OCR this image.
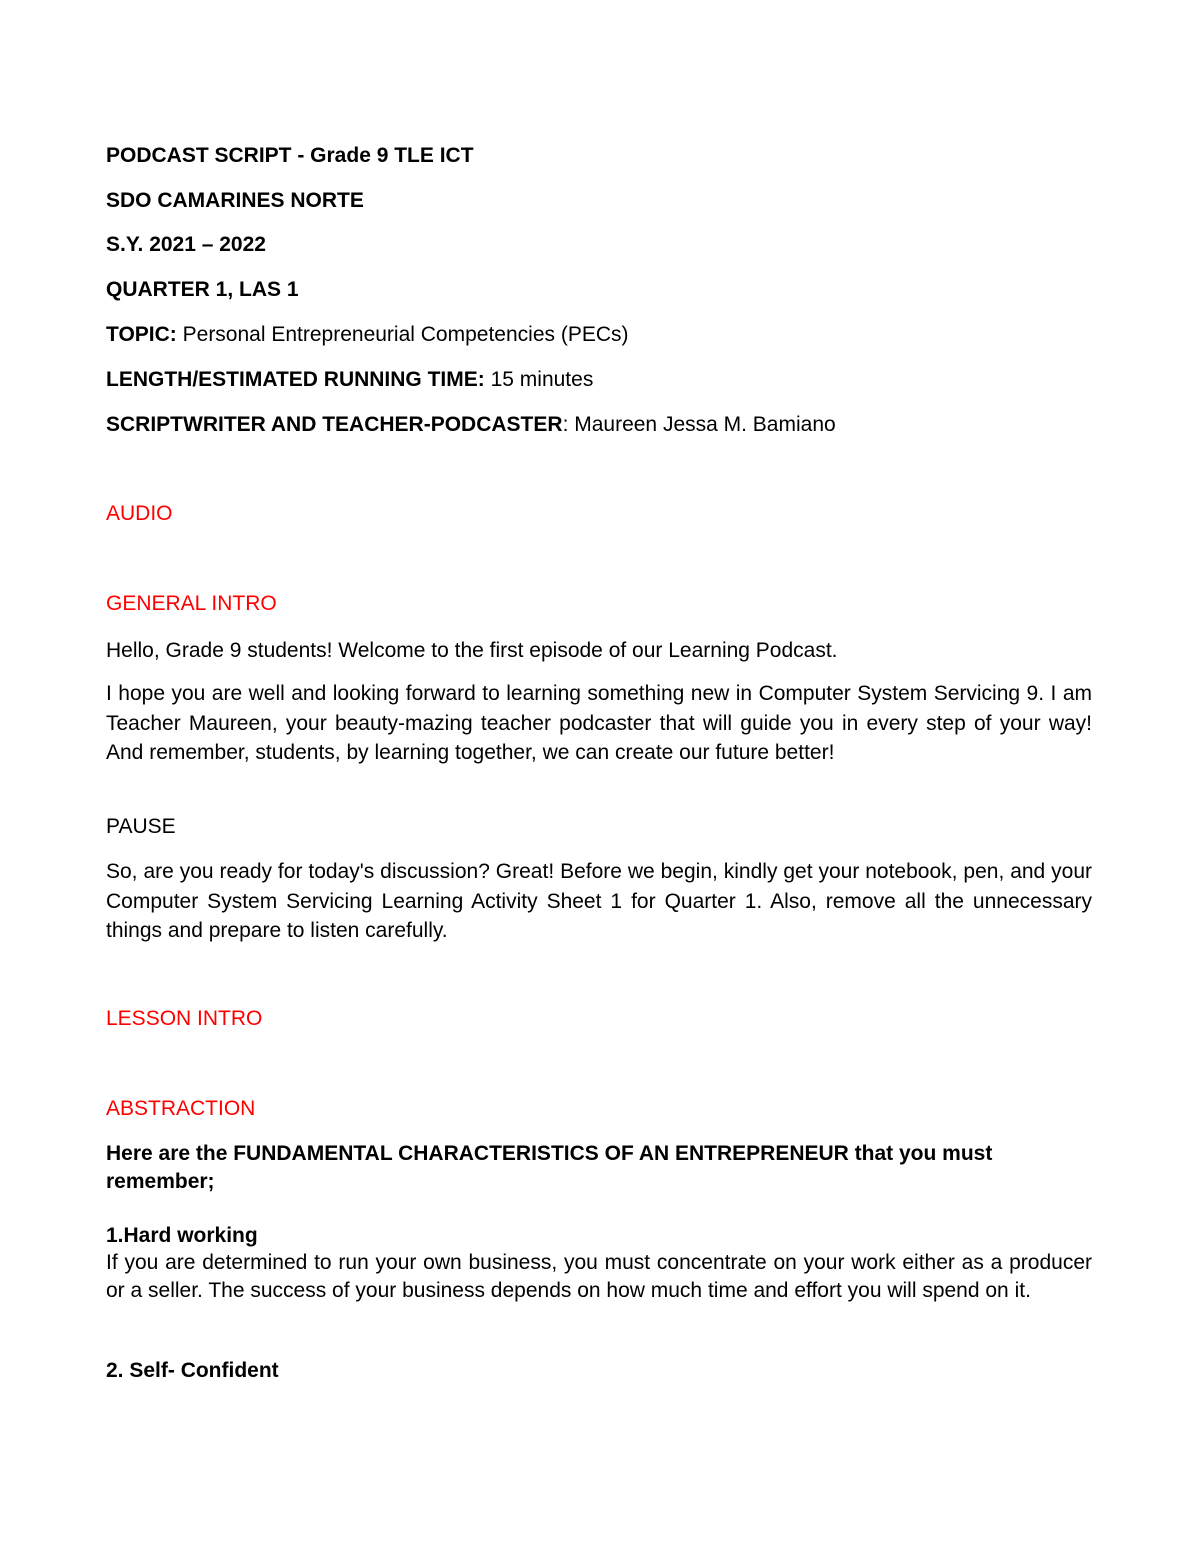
PODCAST SCRIPT - Grade 9 TLE ICT
SDO CAMARINES NORTE
S.Y. 2021 – 2022
QUARTER 1, LAS 1
TOPIC: Personal Entrepreneurial Competencies (PECs)
LENGTH/ESTIMATED RUNNING TIME: 15 minutes
SCRIPTWRITER AND TEACHER-PODCASTER: Maureen Jessa M. Bamiano
AUDIO
GENERAL INTRO
Hello, Grade 9 students! Welcome to the first episode of our Learning Podcast.
I hope you are well and looking forward to learning something new in Computer System Servicing 9. I am Teacher Maureen, your beauty-mazing teacher podcaster that will guide you in every step of your way! And remember, students, by learning together, we can create our future better!
PAUSE
So, are you ready for today's discussion? Great! Before we begin, kindly get your notebook, pen, and your Computer System Servicing Learning Activity Sheet 1 for Quarter 1. Also, remove all the unnecessary things and prepare to listen carefully.
LESSON INTRO
ABSTRACTION
Here are the FUNDAMENTAL CHARACTERISTICS OF AN ENTREPRENEUR that you must remember;
1.Hard working
If you are determined to run your own business, you must concentrate on your work either as a producer or a seller. The success of your business depends on how much time and effort you will spend on it.
2. Self- Confident
